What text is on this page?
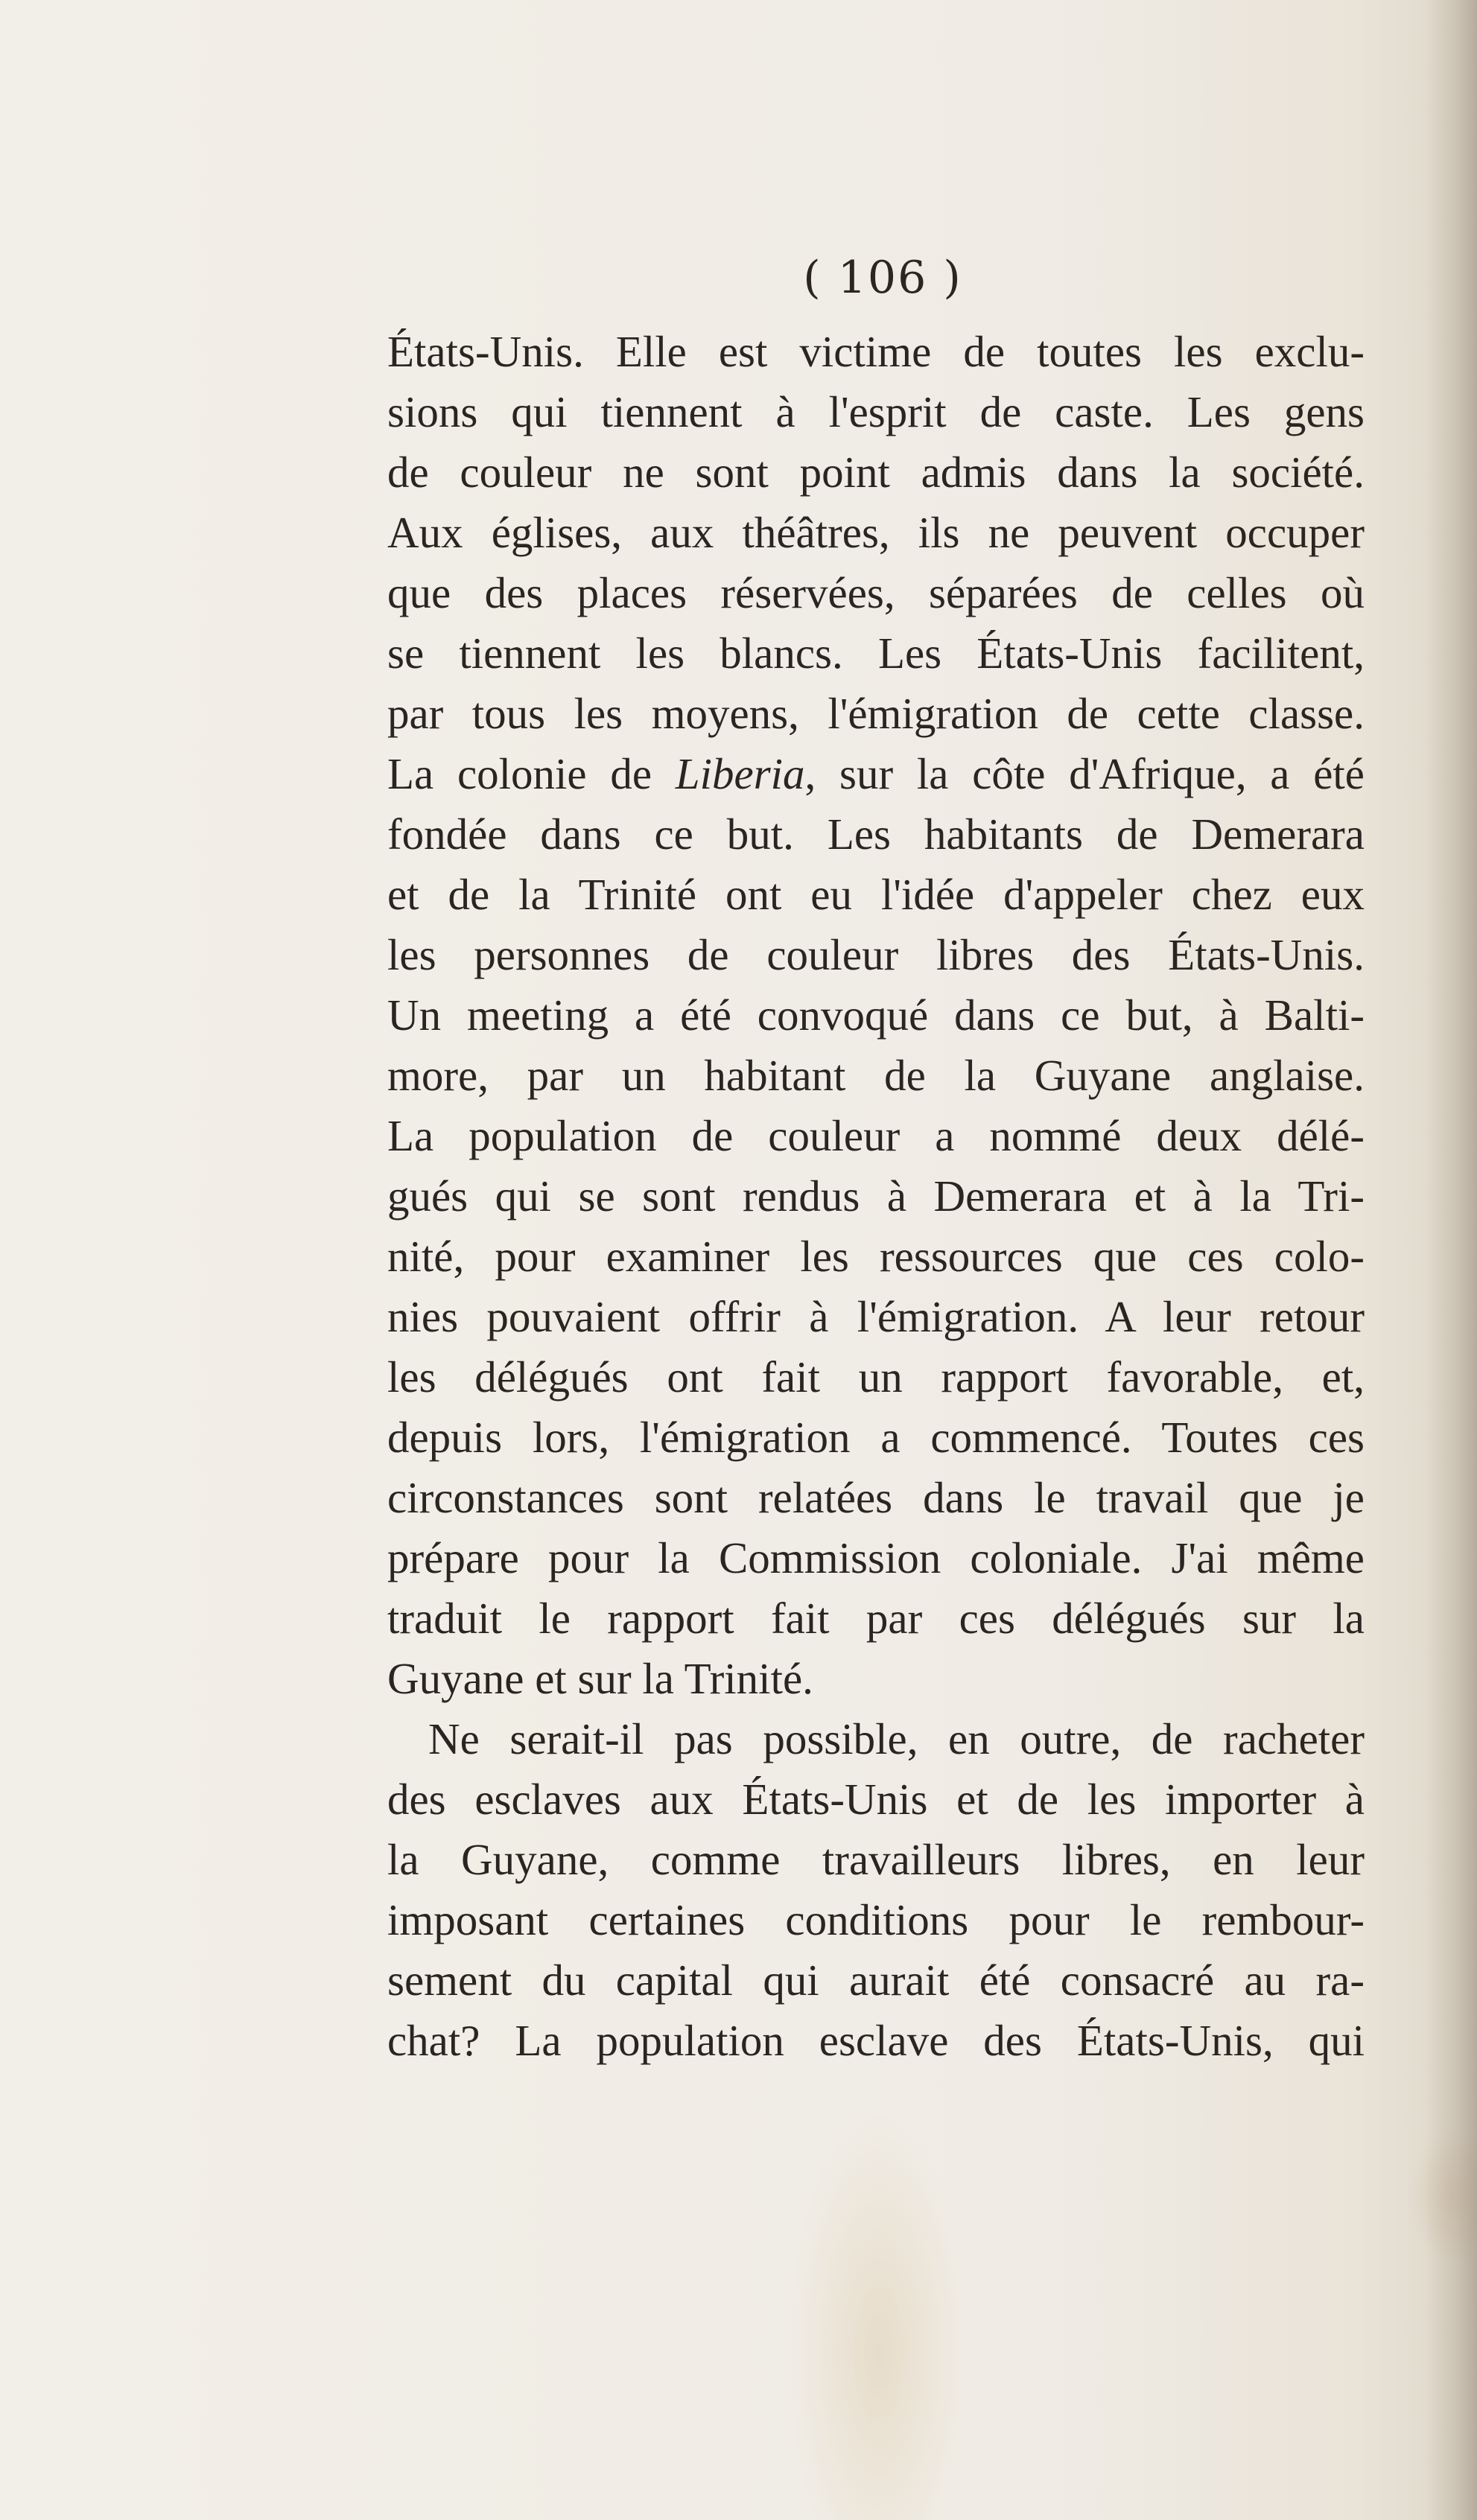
( 106 )
États-Unis. Elle est victime de toutes les exclu-
sions qui tiennent à l'esprit de caste. Les gens
de couleur ne sont point admis dans la société.
Aux églises, aux théâtres, ils ne peuvent occuper
que des places réservées, séparées de celles où
se tiennent les blancs. Les États-Unis facilitent,
par tous les moyens, l'émigration de cette classe.
La colonie de Liberia, sur la côte d'Afrique, a été
fondée dans ce but. Les habitants de Demerara
et de la Trinité ont eu l'idée d'appeler chez eux
les personnes de couleur libres des États-Unis.
Un meeting a été convoqué dans ce but, à Balti-
more, par un habitant de la Guyane anglaise.
La population de couleur a nommé deux délé-
gués qui se sont rendus à Demerara et à la Tri-
nité, pour examiner les ressources que ces colo-
nies pouvaient offrir à l'émigration. A leur retour
les délégués ont fait un rapport favorable, et,
depuis lors, l'émigration a commencé. Toutes ces
circonstances sont relatées dans le travail que je
prépare pour la Commission coloniale. J'ai même
traduit le rapport fait par ces délégués sur la
Guyane et sur la Trinité.
Ne serait-il pas possible, en outre, de racheter
des esclaves aux États-Unis et de les importer à
la Guyane, comme travailleurs libres, en leur
imposant certaines conditions pour le rembour-
sement du capital qui aurait été consacré au ra-
chat? La population esclave des États-Unis, qui
